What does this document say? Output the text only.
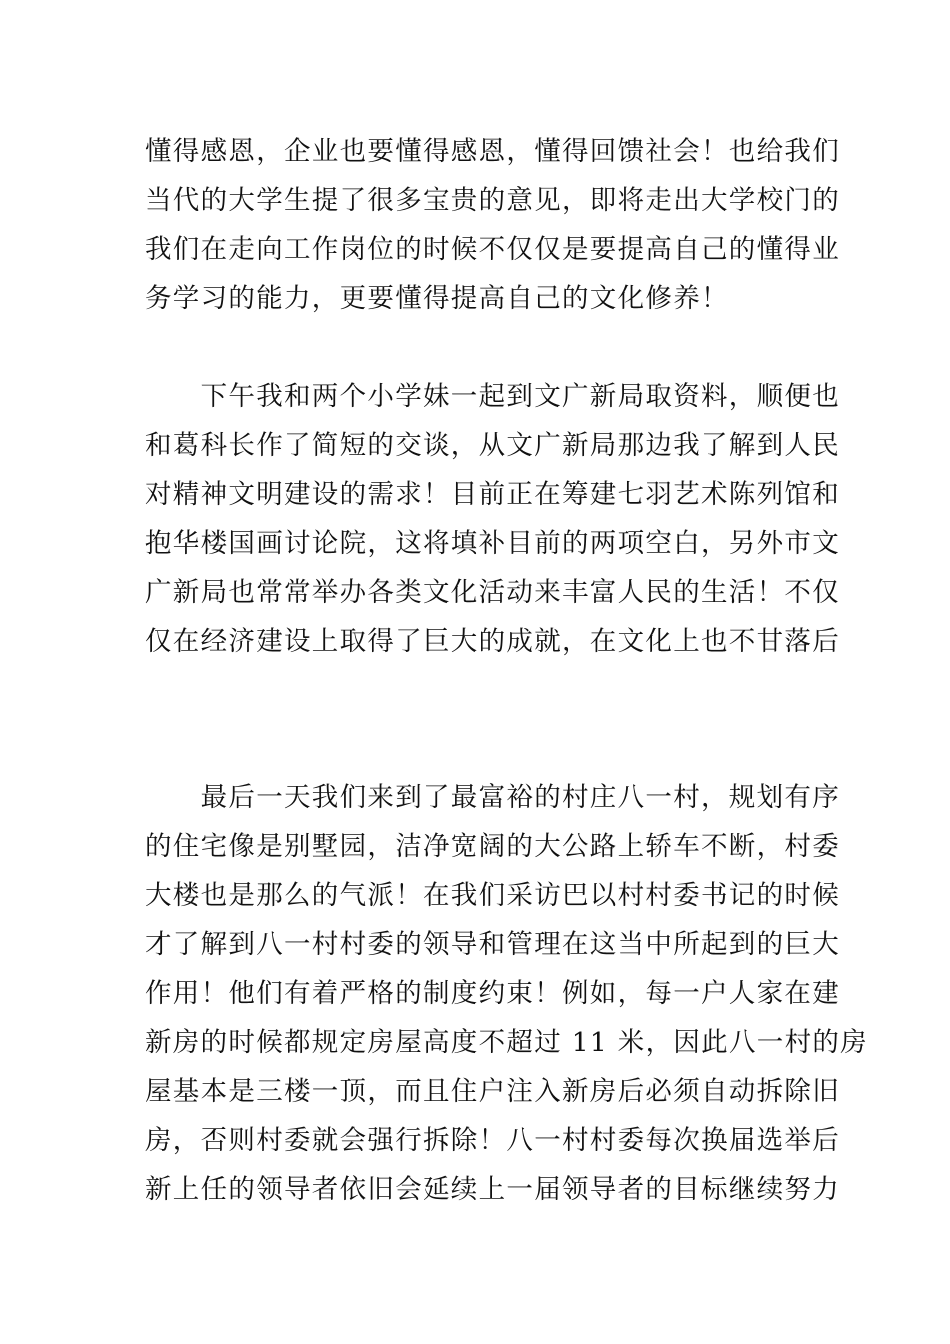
懂得感恩，企业也要懂得感恩，懂得回馈社会！也给我们
当代的大学生提了很多宝贵的意见，即将走出大学校门的
我们在走向工作岗位的时候不仅仅是要提高自己的懂得业
务学习的能力，更要懂得提高自己的文化修养！

　　下午我和两个小学妹一起到文广新局取资料，顺便也
和葛科长作了简短的交谈，从文广新局那边我了解到人民
对精神文明建设的需求！目前正在筹建七羽艺术陈列馆和
抱华楼国画讨论院，这将填补目前的两项空白，另外市文
广新局也常常举办各类文化活动来丰富人民的生活！不仅
仅在经济建设上取得了巨大的成就，在文化上也不甘落后

　　最后一天我们来到了最富裕的村庄八一村，规划有序
的住宅像是别墅园，洁净宽阔的大公路上轿车不断，村委
大楼也是那么的气派！在我们采访巴以村村委书记的时候
才了解到八一村村委的领导和管理在这当中所起到的巨大
作用！他们有着严格的制度约束！例如，每一户人家在建
新房的时候都规定房屋高度不超过 11 米，因此八一村的房
屋基本是三楼一顶，而且住户注入新房后必须自动拆除旧
房，否则村委就会强行拆除！八一村村委每次换届选举后
新上任的领导者依旧会延续上一届领导者的目标继续努力
